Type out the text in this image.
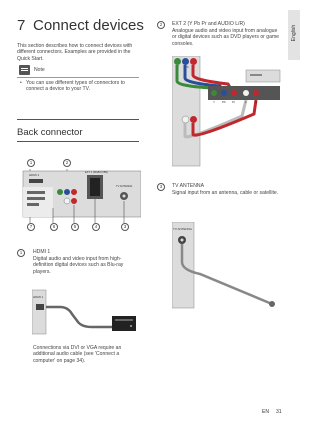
English
7 Connect devices
This section describes how to connect devices with different connectors. Examples are provided in the Quick Start.
Note
• You can use different types of connectors to connect a device to your TV.
Back connector
1	2
HDMI 1
EXT 1 (RGB/CVBS)
TV ANTENNA
7	6	5	4	3
1	HDMI 1
Digital audio and video input from high-definition digital devices such as Blu-ray players.
HDMI 1
Connections via DVI or VGA require an additional audio cable (see 'Connect a computer' on page 34).
2	EXT 2 (Y Pb Pr and AUDIO L/R)
Analogue audio and video input from analogue or digital devices such as DVD players or game consoles.
Y Pb Pr
Y Pb Pr	L	R
3	TV ANTENNA
Signal input from an antenna, cable or satellite.
TV ANTENNA
EN 31
